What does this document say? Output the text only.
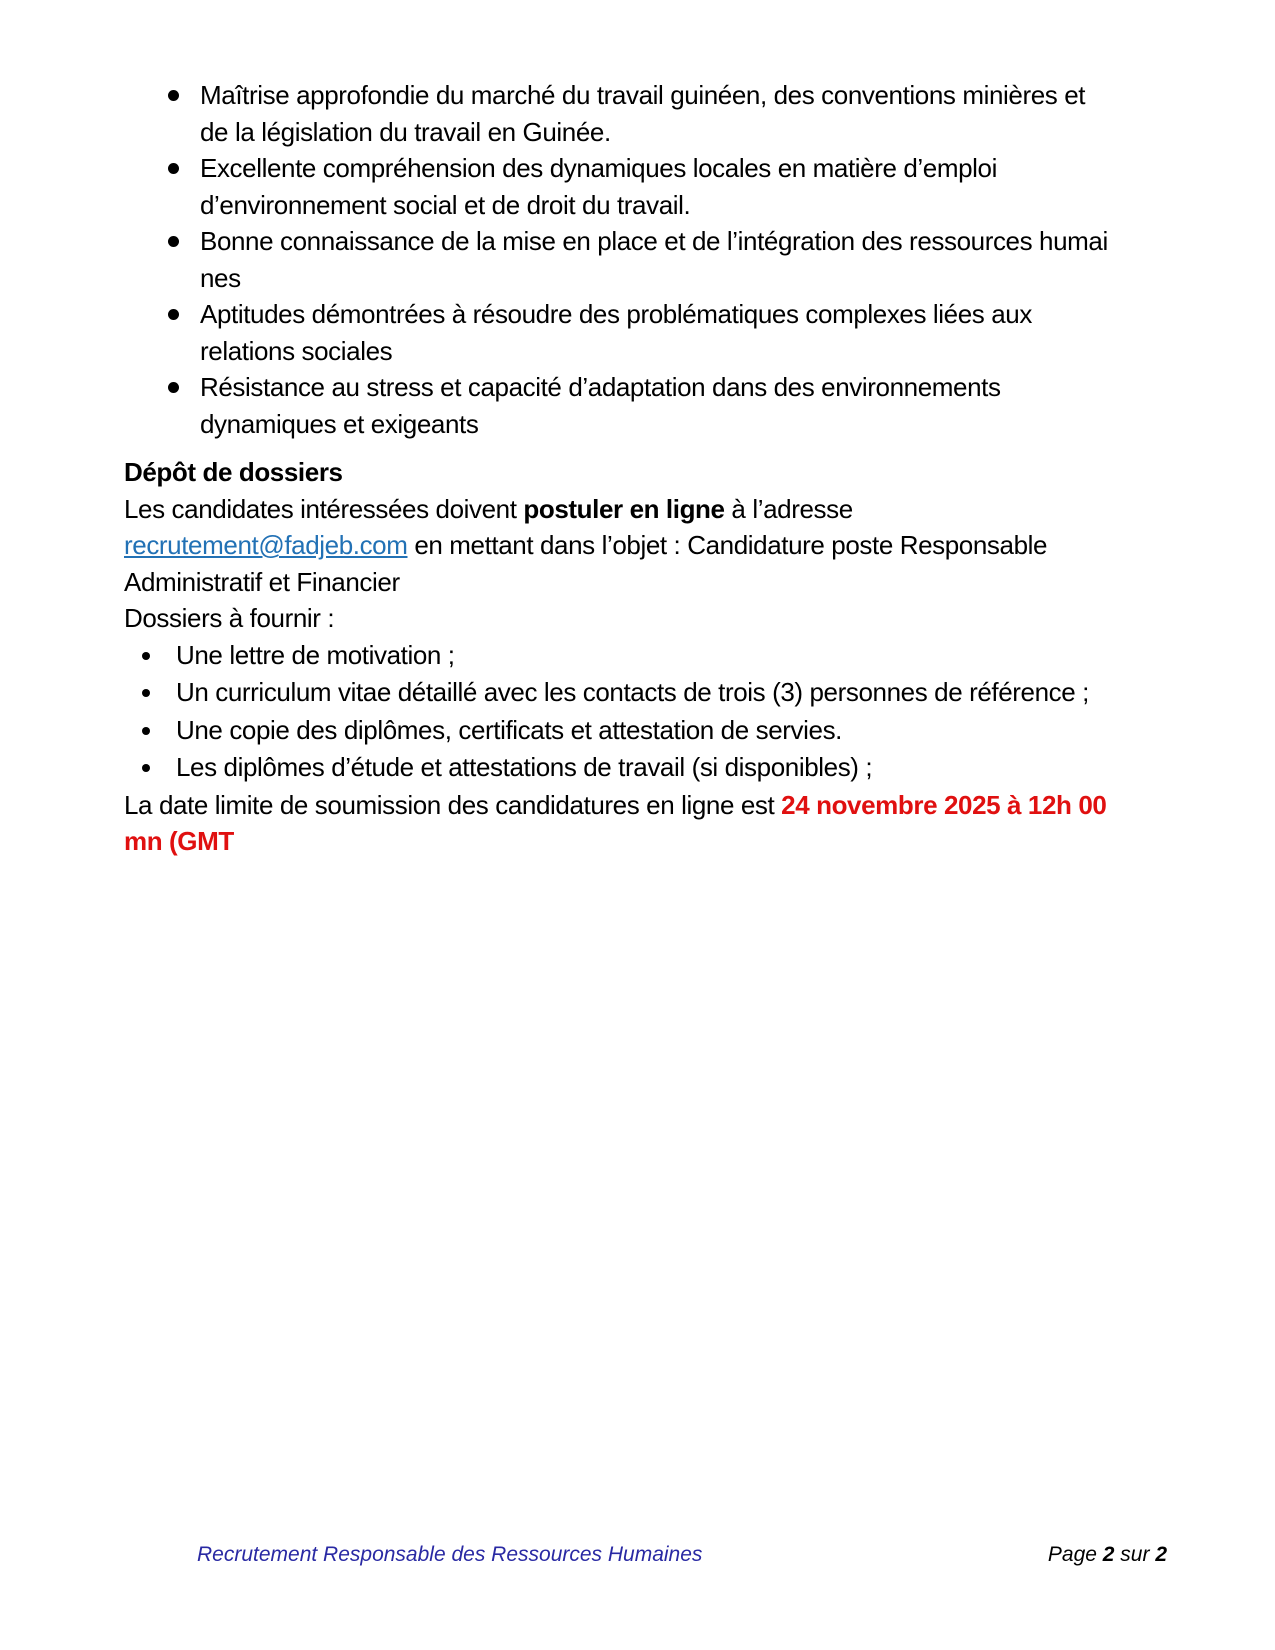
Maîtrise approfondie du marché du travail guinéen, des conventions minières et
de la législation du travail en Guinée.
Excellente compréhension des dynamiques locales en matière d’emploi
d’environnement social et de droit du travail.
Bonne connaissance de la mise en place et de l’intégration des ressources humai
nes
Aptitudes démontrées à résoudre des problématiques complexes liées aux
relations sociales
Résistance au stress et capacité d’adaptation dans des environnements
dynamiques et exigeants
Dépôt de dossiers

Les candidates intéressées doivent postuler en ligne à l’adresse
recrutement@fadjeb.com en mettant dans l’objet : Candidature poste Responsable
Administratif et Financier

Dossiers à fournir :

Une lettre de motivation ;
Un curriculum vitae détaillé avec les contacts de trois (3) personnes de référence ;
Une copie des diplômes, certificats et attestation de servies.
Les diplômes d’étude et attestations de travail (si disponibles) ;

La date limite de soumission des candidatures en ligne est 24 novembre 2025 à 12h 00
mn (GMT

Recrutement Responsable des Ressources Humaines	Page 2 sur 2
